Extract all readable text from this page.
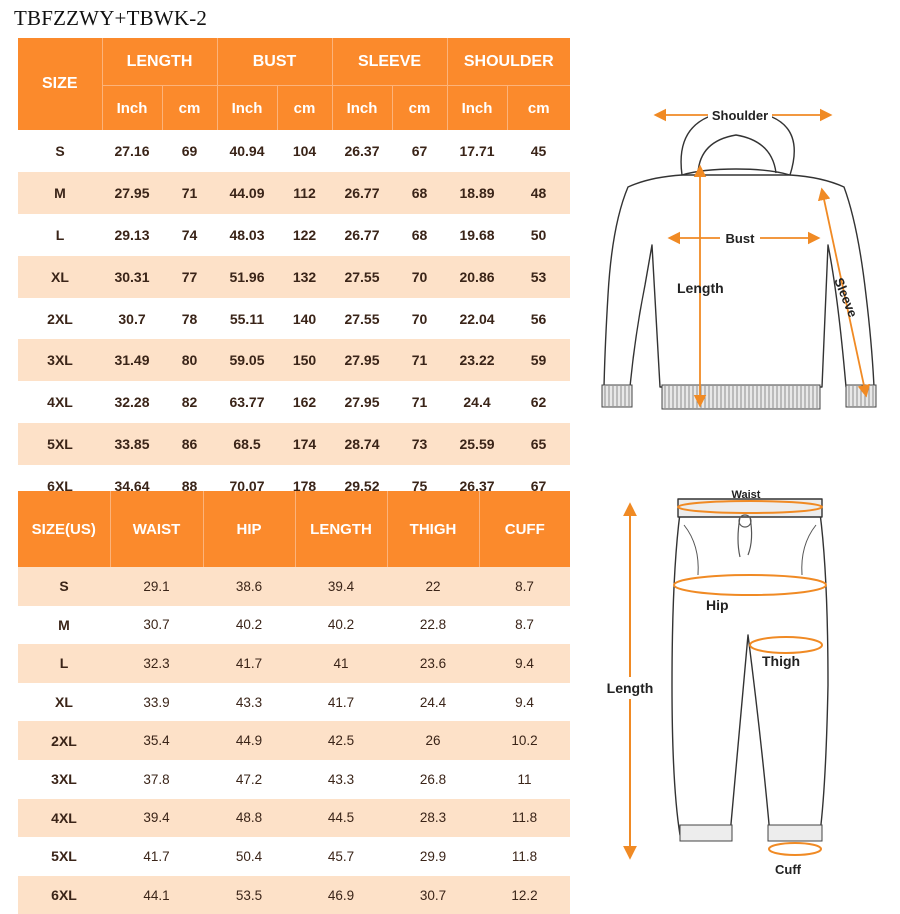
TBFZZWY+TBWK-2
SIZE	LENGTH		BUST		SLEEVE		SHOULDER	
	Inch	cm	Inch	cm	Inch	cm	Inch	cm
S	27.16	69	40.94	104	26.37	67	17.71	45
M	27.95	71	44.09	112	26.77	68	18.89	48
L	29.13	74	48.03	122	26.77	68	19.68	50
XL	30.31	77	51.96	132	27.55	70	20.86	53
2XL	30.7	78	55.11	140	27.55	70	22.04	56
3XL	31.49	80	59.05	150	27.95	71	23.22	59
4XL	32.28	82	63.77	162	27.95	71	24.4	62
5XL	33.85	86	68.5	174	28.74	73	25.59	65
6XL	34.64	88	70.07	178	29.52	75	26.37	67
SIZE(US)	WAIST	HIP	LENGTH	THIGH	CUFF
S	29.1	38.6	39.4	22	8.7
M	30.7	40.2	40.2	22.8	8.7
L	32.3	41.7	41	23.6	9.4
XL	33.9	43.3	41.7	24.4	9.4
2XL	35.4	44.9	42.5	26	10.2
3XL	37.8	47.2	43.3	26.8	11
4XL	39.4	48.8	44.5	28.3	11.8
5XL	41.7	50.4	45.7	29.9	11.8
6XL	44.1	53.5	46.9	30.7	12.2
Shoulder
Bust
Length	Sleeve
Waist
Hip
Thigh
Length
Cuff
